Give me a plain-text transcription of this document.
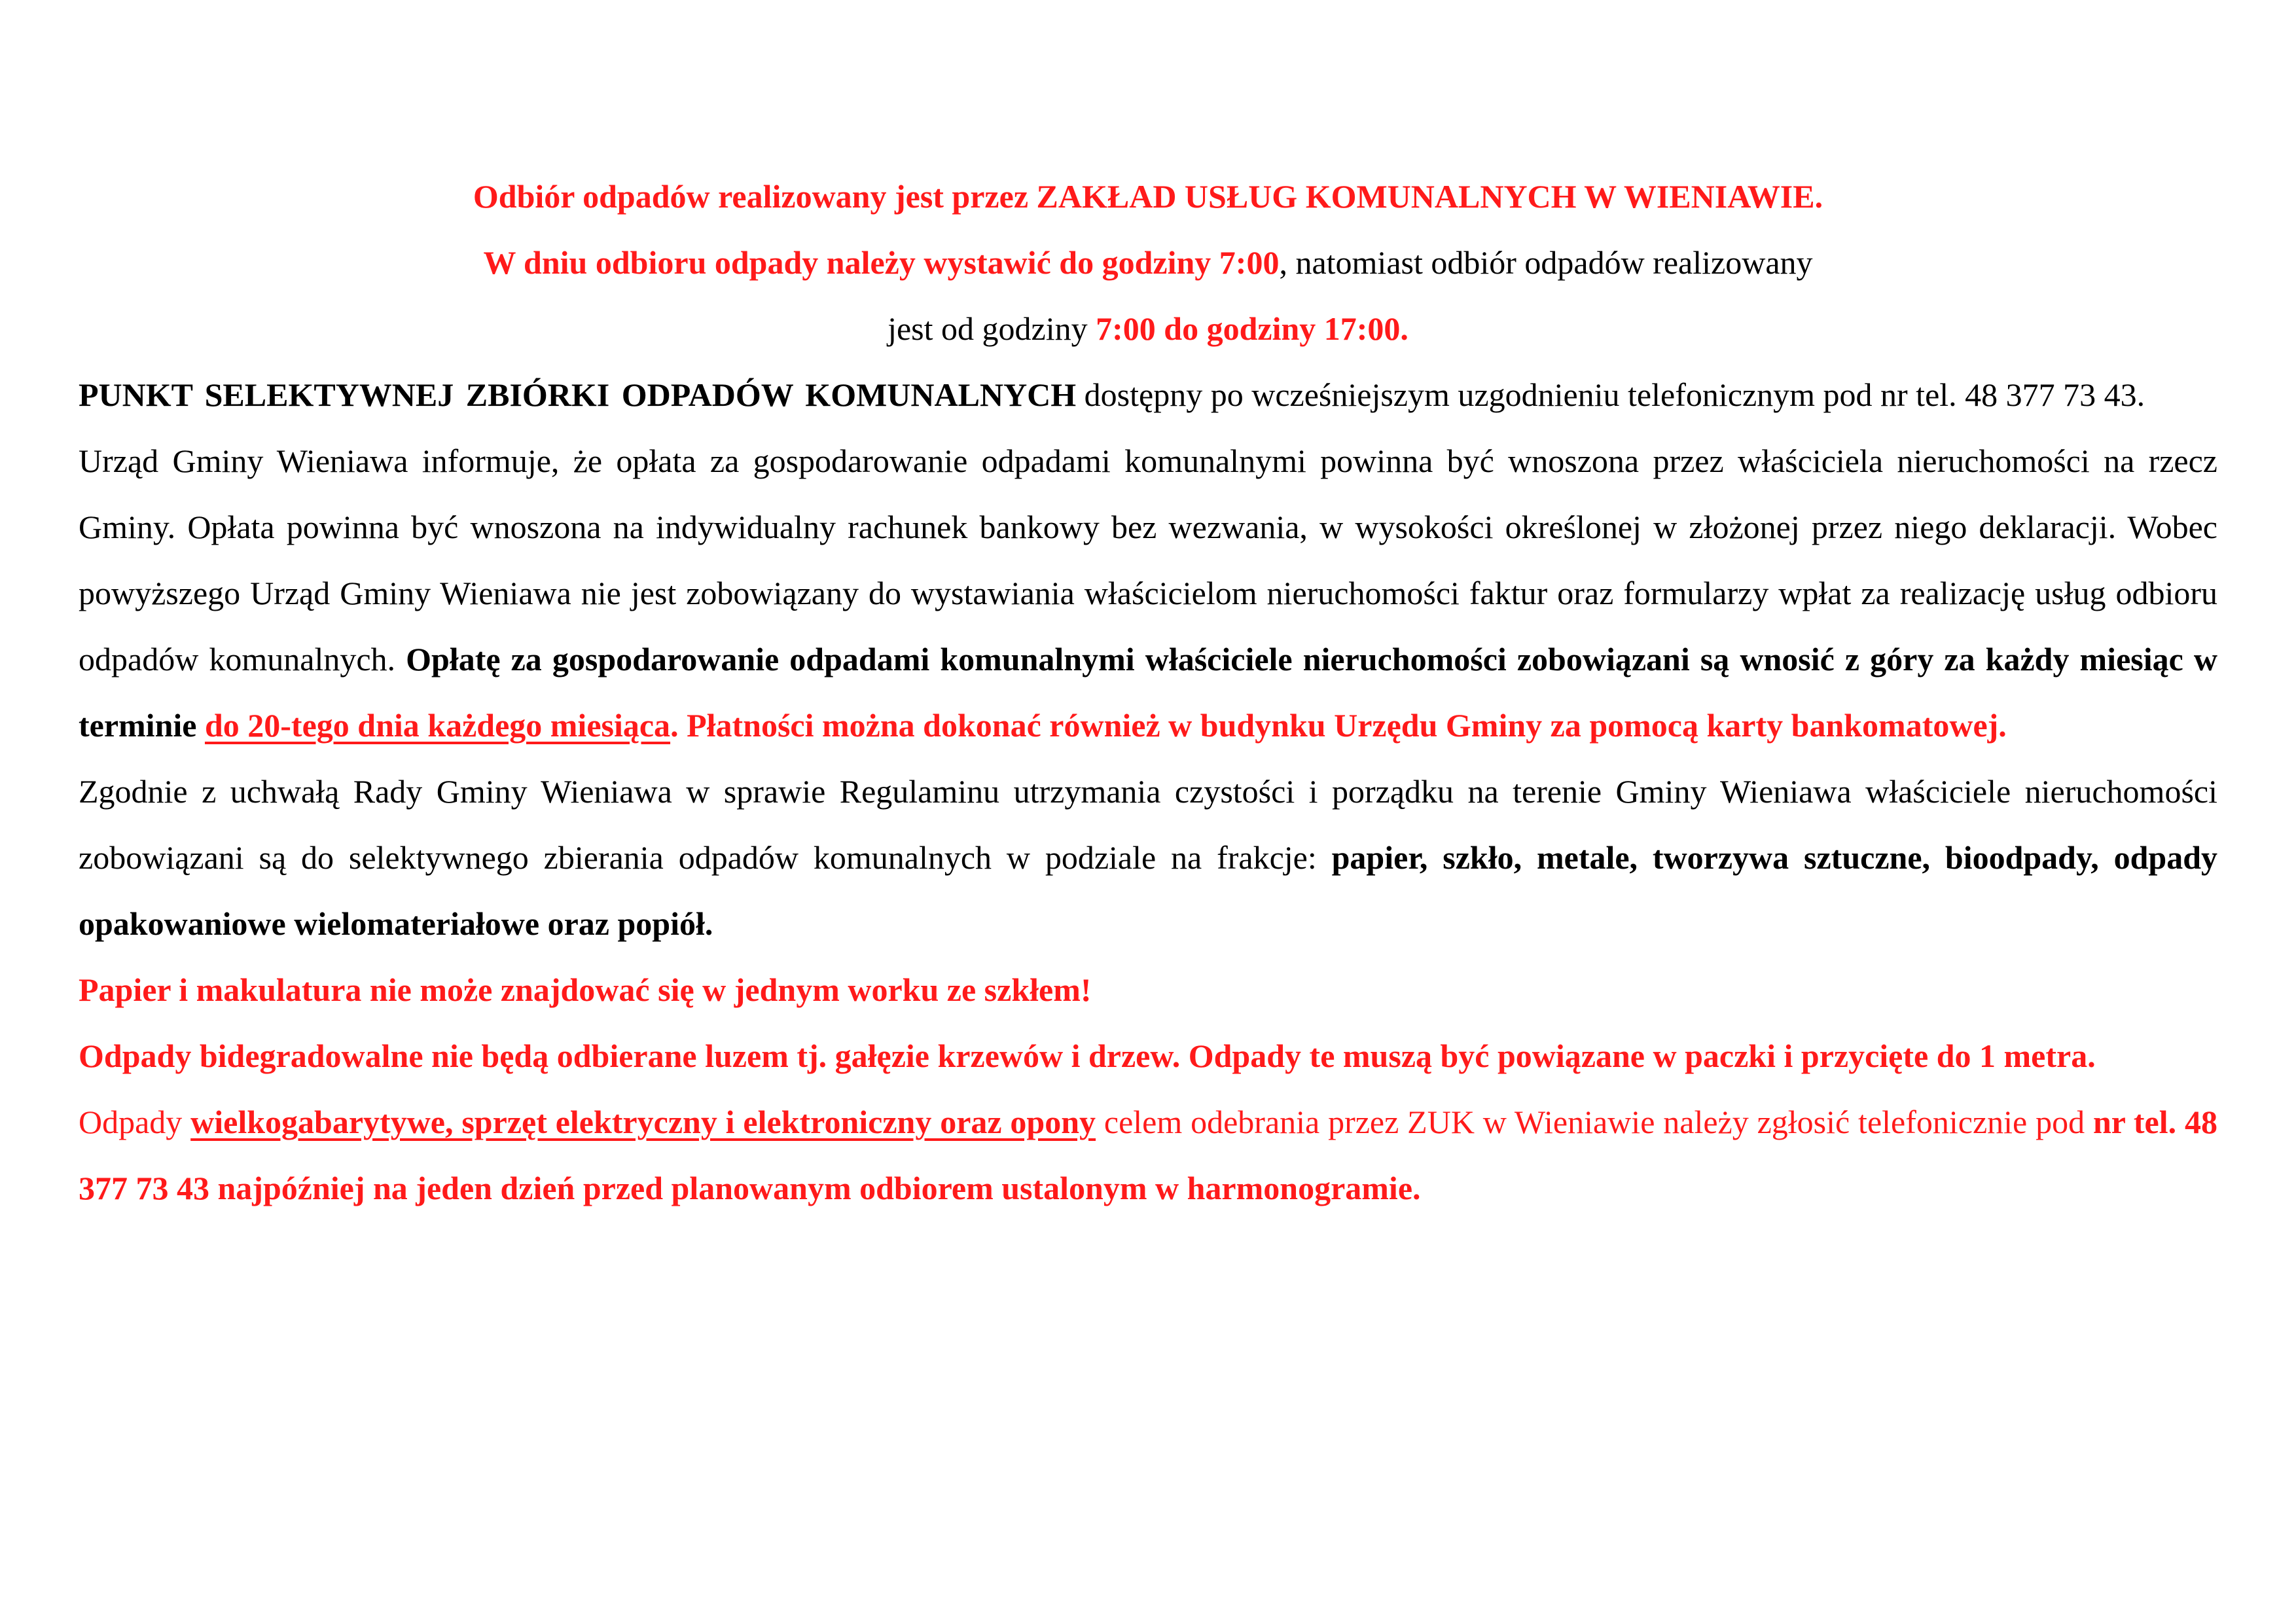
Odbiór odpadów realizowany jest przez ZAKŁAD USŁUG KOMUNALNYCH W WIENIAWIE.

W dniu odbioru odpady należy wystawić do godziny 7:00, natomiast odbiór odpadów realizowany

jest od godziny 7:00 do godziny 17:00.

PUNKT SELEKTYWNEJ ZBIÓRKI ODPADÓW KOMUNALNYCH dostępny po wcześniejszym uzgodnieniu telefonicznym pod nr tel. 48 377 73 43.

Urząd Gminy Wieniawa informuje, że opłata za gospodarowanie odpadami komunalnymi powinna być wnoszona przez właściciela nieruchomości na rzecz Gminy. Opłata powinna być wnoszona na indywidualny rachunek bankowy bez wezwania, w wysokości określonej w złożonej przez niego deklaracji. Wobec powyższego Urząd Gminy Wieniawa nie jest zobowiązany do wystawiania właścicielom nieruchomości faktur oraz formularzy wpłat za realizację usług odbioru odpadów komunalnych. Opłatę za gospodarowanie odpadami komunalnymi właściciele nieruchomości zobowiązani są wnosić z góry za każdy miesiąc w terminie do 20-tego dnia każdego miesiąca. Płatności można dokonać również w budynku Urzędu Gminy za pomocą karty bankomatowej.

Zgodnie z uchwałą Rady Gminy Wieniawa w sprawie Regulaminu utrzymania czystości i porządku na terenie Gminy Wieniawa właściciele nieruchomości zobowiązani są do selektywnego zbierania odpadów komunalnych w podziale na frakcje: papier, szkło, metale, tworzywa sztuczne, bioodpady, odpady opakowaniowe wielomateriałowe oraz popiół.

Papier i makulatura nie może znajdować się w jednym worku ze szkłem!

Odpady bidegradowalne nie będą odbierane luzem tj. gałęzie krzewów i drzew. Odpady te muszą być powiązane w paczki i przycięte do 1 metra.

Odpady wielkogabarytywe, sprzęt elektryczny i elektroniczny oraz opony celem odebrania przez ZUK w Wieniawie należy zgłosić telefonicznie pod nr tel. 48 377 73 43 najpóźniej na jeden dzień przed planowanym odbiorem ustalonym w harmonogramie.
